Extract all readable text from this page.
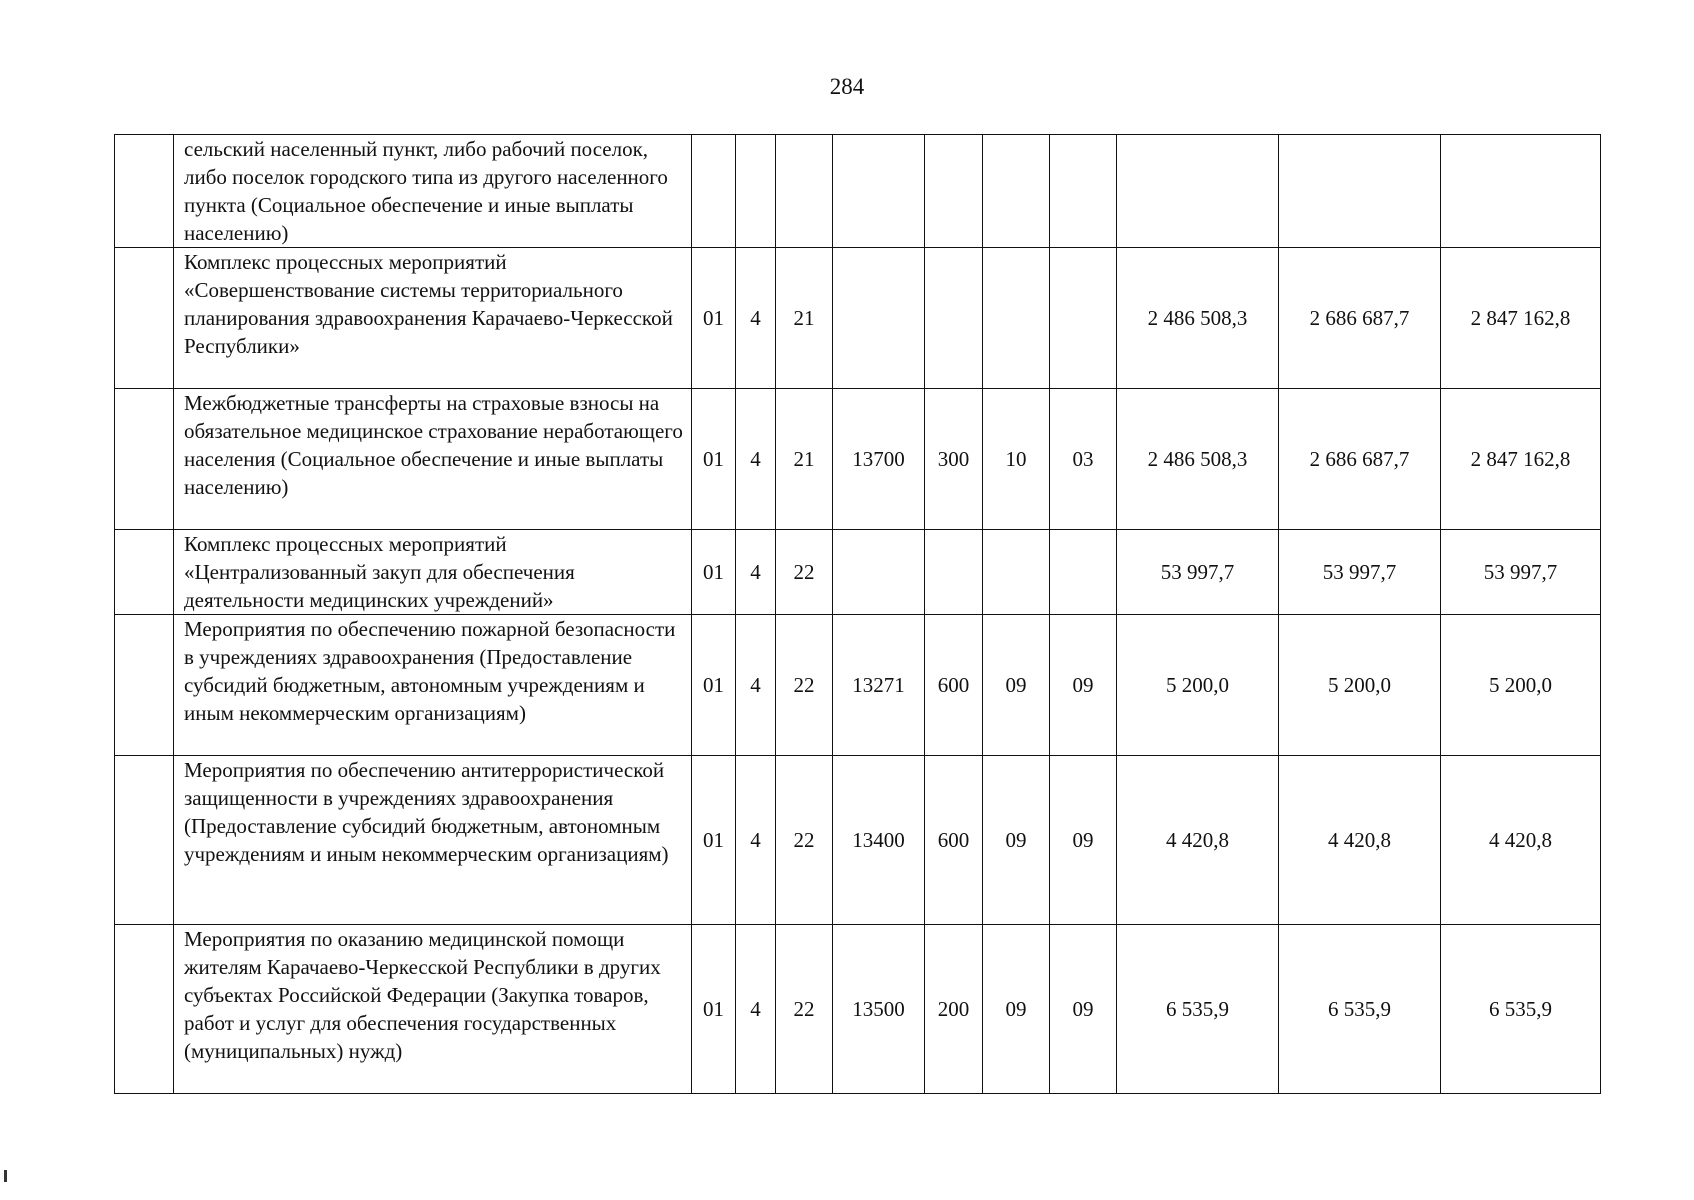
284
	сельский населенный пункт, либо рабочий поселок, либо поселок городского типа из другого населенного пункта (Социальное обеспечение и иные выплаты населению)										
	Комплекс процессных мероприятий «Совершенствование системы территориального планирования здравоохранения Карачаево-Черкесской Республики»	01	4	21					2 486 508,3	2 686 687,7	2 847 162,8
	Межбюджетные трансферты на страховые взносы на обязательное медицинское страхование неработающего населения (Социальное обеспечение и иные выплаты населению)	01	4	21	13700	300	10	03	2 486 508,3	2 686 687,7	2 847 162,8
	Комплекс процессных мероприятий «Централизованный закуп для обеспечения деятельности медицинских учреждений»	01	4	22					53 997,7	53 997,7	53 997,7
	Мероприятия по обеспечению пожарной безопасности в учреждениях здравоохранения (Предоставление субсидий бюджетным, автономным учреждениям и иным некоммерческим организациям)	01	4	22	13271	600	09	09	5 200,0	5 200,0	5 200,0
	Мероприятия по обеспечению антитеррористической защищенности в учреждениях здравоохранения (Предоставление субсидий бюджетным, автономным учреждениям и иным некоммерческим организациям)	01	4	22	13400	600	09	09	4 420,8	4 420,8	4 420,8
	Мероприятия по оказанию медицинской помощи жителям Карачаево-Черкесской Республики в других субъектах Российской Федерации (Закупка товаров, работ и услуг для обеспечения государственных (муниципальных) нужд)	01	4	22	13500	200	09	09	6 535,9	6 535,9	6 535,9
